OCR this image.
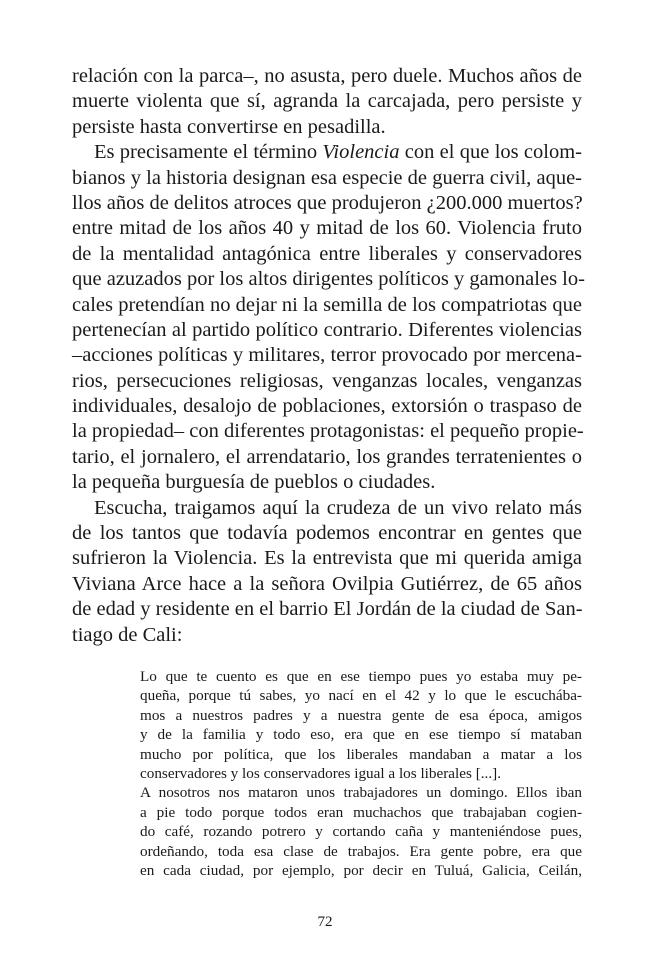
relación con la parca–, no asusta, pero duele. Muchos años de
muerte violenta que sí, agranda la carcajada, pero persiste y
persiste hasta convertirse en pesadilla.
Es precisamente el término Violencia con el que los colom-
bianos y la historia designan esa especie de guerra civil, aque-
llos años de delitos atroces que produjeron ¿200.000 muertos?
entre mitad de los años 40 y mitad de los 60. Violencia fruto
de la mentalidad antagónica entre liberales y conservadores
que azuzados por los altos dirigentes políticos y gamonales lo-
cales pretendían no dejar ni la semilla de los compatriotas que
pertenecían al partido político contrario. Diferentes violencias
–acciones políticas y militares, terror provocado por mercena-
rios, persecuciones religiosas, venganzas locales, venganzas
individuales, desalojo de poblaciones, extorsión o traspaso de
la propiedad– con diferentes protagonistas: el pequeño propie-
tario, el jornalero, el arrendatario, los grandes terratenientes o
la pequeña burguesía de pueblos o ciudades.
Escucha, traigamos aquí la crudeza de un vivo relato más
de los tantos que todavía podemos encontrar en gentes que
sufrieron la Violencia. Es la entrevista que mi querida amiga
Viviana Arce hace a la señora Ovilpia Gutiérrez, de 65 años
de edad y residente en el barrio El Jordán de la ciudad de San-
tiago de Cali:
Lo que te cuento es que en ese tiempo pues yo estaba muy pe-
queña, porque tú sabes, yo nací en el 42 y lo que le escuchába-
mos a nuestros padres y a nuestra gente de esa época, amigos
y de la familia y todo eso, era que en ese tiempo sí mataban
mucho por política, que los liberales mandaban a matar a los
conservadores y los conservadores igual a los liberales [...].
A nosotros nos mataron unos trabajadores un domingo. Ellos iban
a pie todo porque todos eran muchachos que trabajaban cogien-
do café, rozando potrero y cortando caña y manteniéndose pues,
ordeñando, toda esa clase de trabajos. Era gente pobre, era que
en cada ciudad, por ejemplo, por decir en Tuluá, Galicia, Ceilán,
72
